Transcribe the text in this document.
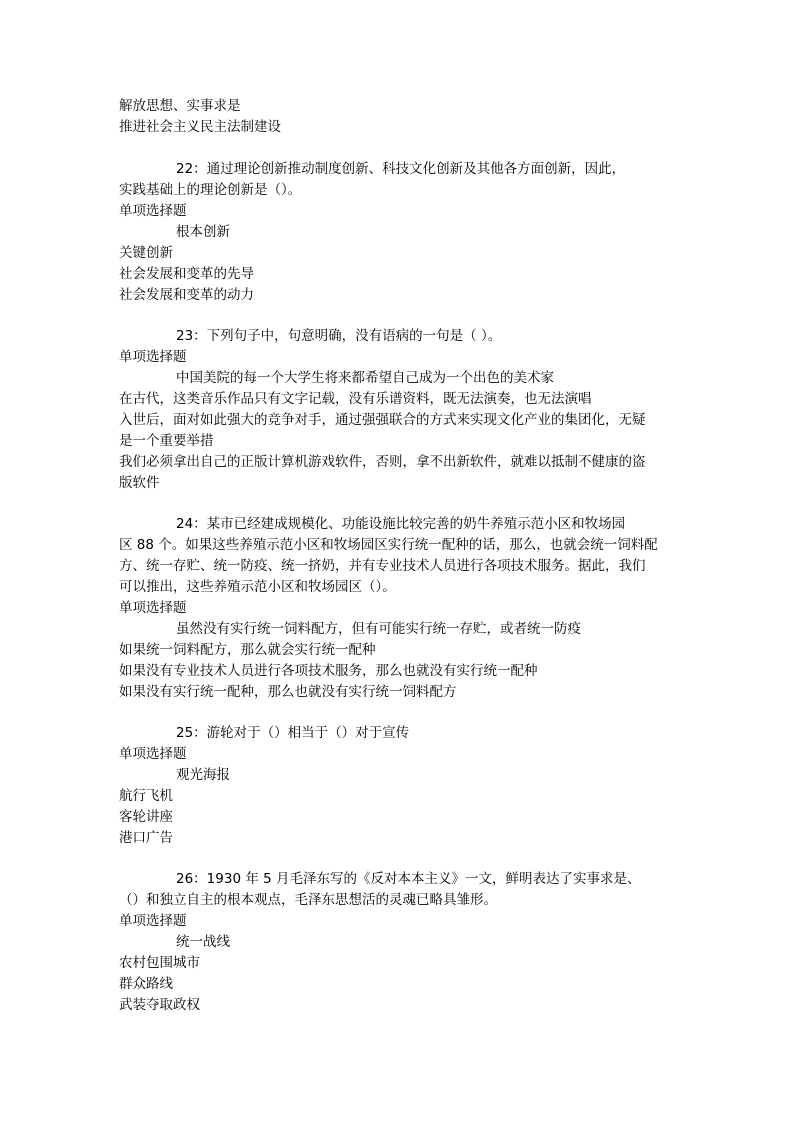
解放思想、实事求是
推进社会主义民主法制建设
22：通过理论创新推动制度创新、科技文化创新及其他各方面创新，因此，
实践基础上的理论创新是（）。
单项选择题
根本创新
关键创新
社会发展和变革的先导
社会发展和变革的动力
23：下列句子中，句意明确，没有语病的一句是（ ）。
单项选择题
中国美院的每一个大学生将来都希望自己成为一个出色的美术家
在古代，这类音乐作品只有文字记载，没有乐谱资料，既无法演奏，也无法演唱
入世后，面对如此强大的竞争对手，通过强强联合的方式来实现文化产业的集团化，无疑
是一个重要举措
我们必须拿出自己的正版计算机游戏软件，否则，拿不出新软件，就难以抵制不健康的盗
版软件
24：某市已经建成规模化、功能设施比较完善的奶牛养殖示范小区和牧场园
区 88 个。如果这些养殖示范小区和牧场园区实行统一配种的话，那么，也就会统一饲料配
方、统一存贮、统一防疫、统一挤奶，并有专业技术人员进行各项技术服务。据此，我们
可以推出，这些养殖示范小区和牧场园区（）。
单项选择题
虽然没有实行统一饲料配方，但有可能实行统一存贮，或者统一防疫
如果统一饲料配方，那么就会实行统一配种
如果没有专业技术人员进行各项技术服务，那么也就没有实行统一配种
如果没有实行统一配种，那么也就没有实行统一饲料配方
25：游轮对于（）相当于（）对于宣传
单项选择题
观光海报
航行飞机
客轮讲座
港口广告
26：1930 年 5 月毛泽东写的《反对本本主义》一文，鲜明表达了实事求是、
（）和独立自主的根本观点，毛泽东思想活的灵魂已略具雏形。
单项选择题
统一战线
农村包围城市
群众路线
武装夺取政权
